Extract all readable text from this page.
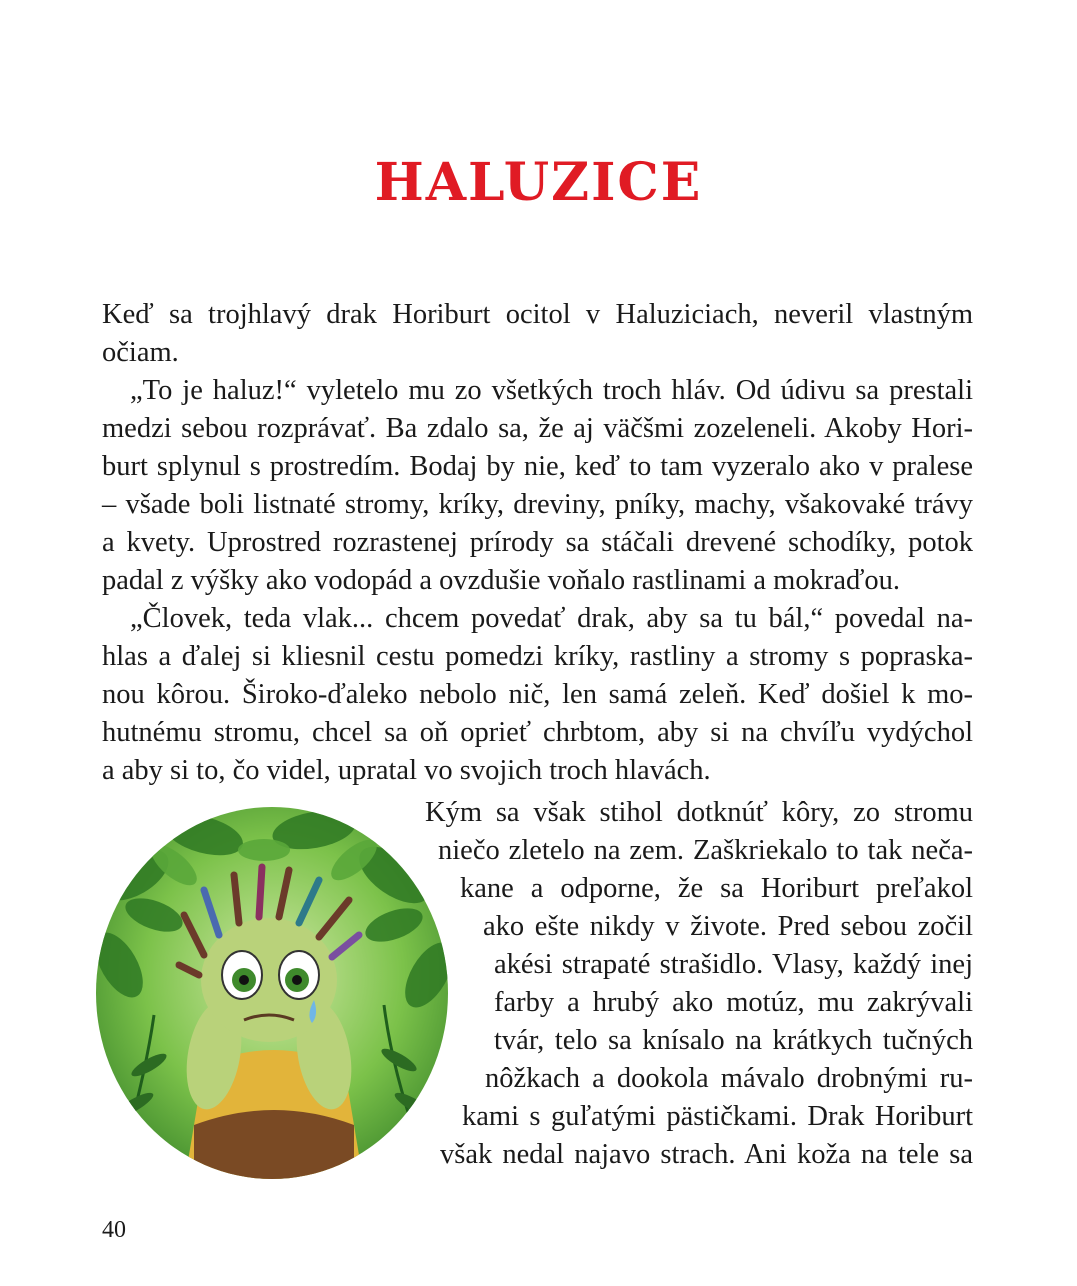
HALUZICE
Keď sa trojhlavý drak Horiburt ocitol v Haluziciach, neveril vlastným
očiam.
„To je haluz!“ vyletelo mu zo všetkých troch hláv. Od údivu sa prestali
medzi sebou rozprávať. Ba zdalo sa, že aj väčšmi zozeleneli. Akoby Hori-
burt splynul s prostredím. Bodaj by nie, keď to tam vyzeralo ako v pralese
– všade boli listnaté stromy, kríky, dreviny, pníky, machy, všakovaké trávy
a kvety. Uprostred rozrastenej prírody sa stáčali drevené schodíky, potok
padal z výšky ako vodopád a ovzdušie voňalo rastlinami a mokraďou.
„Človek, teda vlak... chcem povedať drak, aby sa tu bál,“ povedal na-
hlas a ďalej si kliesnil cestu pomedzi kríky, rastliny a stromy s popraska-
nou kôrou. Široko-ďaleko nebolo nič, len samá zeleň. Keď došiel k mo-
hutnému stromu, chcel sa oň oprieť chrbtom, aby si na chvíľu vydýchol
a aby si to, čo videl, upratal vo svojich troch hlavách.
Kým sa však stihol dotknúť kôry, zo stromu
niečo zletelo na zem. Zaškriekalo to tak nečа-
kane a odporne, že sa Horiburt preľakol
ako ešte nikdy v živote. Pred sebou zočil
akési strapaté strašidlo. Vlasy, každý inej
farby a hrubý ako motúz, mu zakrývali
tvár, telo sa knísalo na krátkych tučných
nôžkach a dookola mávalo drobnými ru-
kami s guľatými pästičkami. Drak Horiburt
však nedal najavo strach. Ani koža na tele sa
40
